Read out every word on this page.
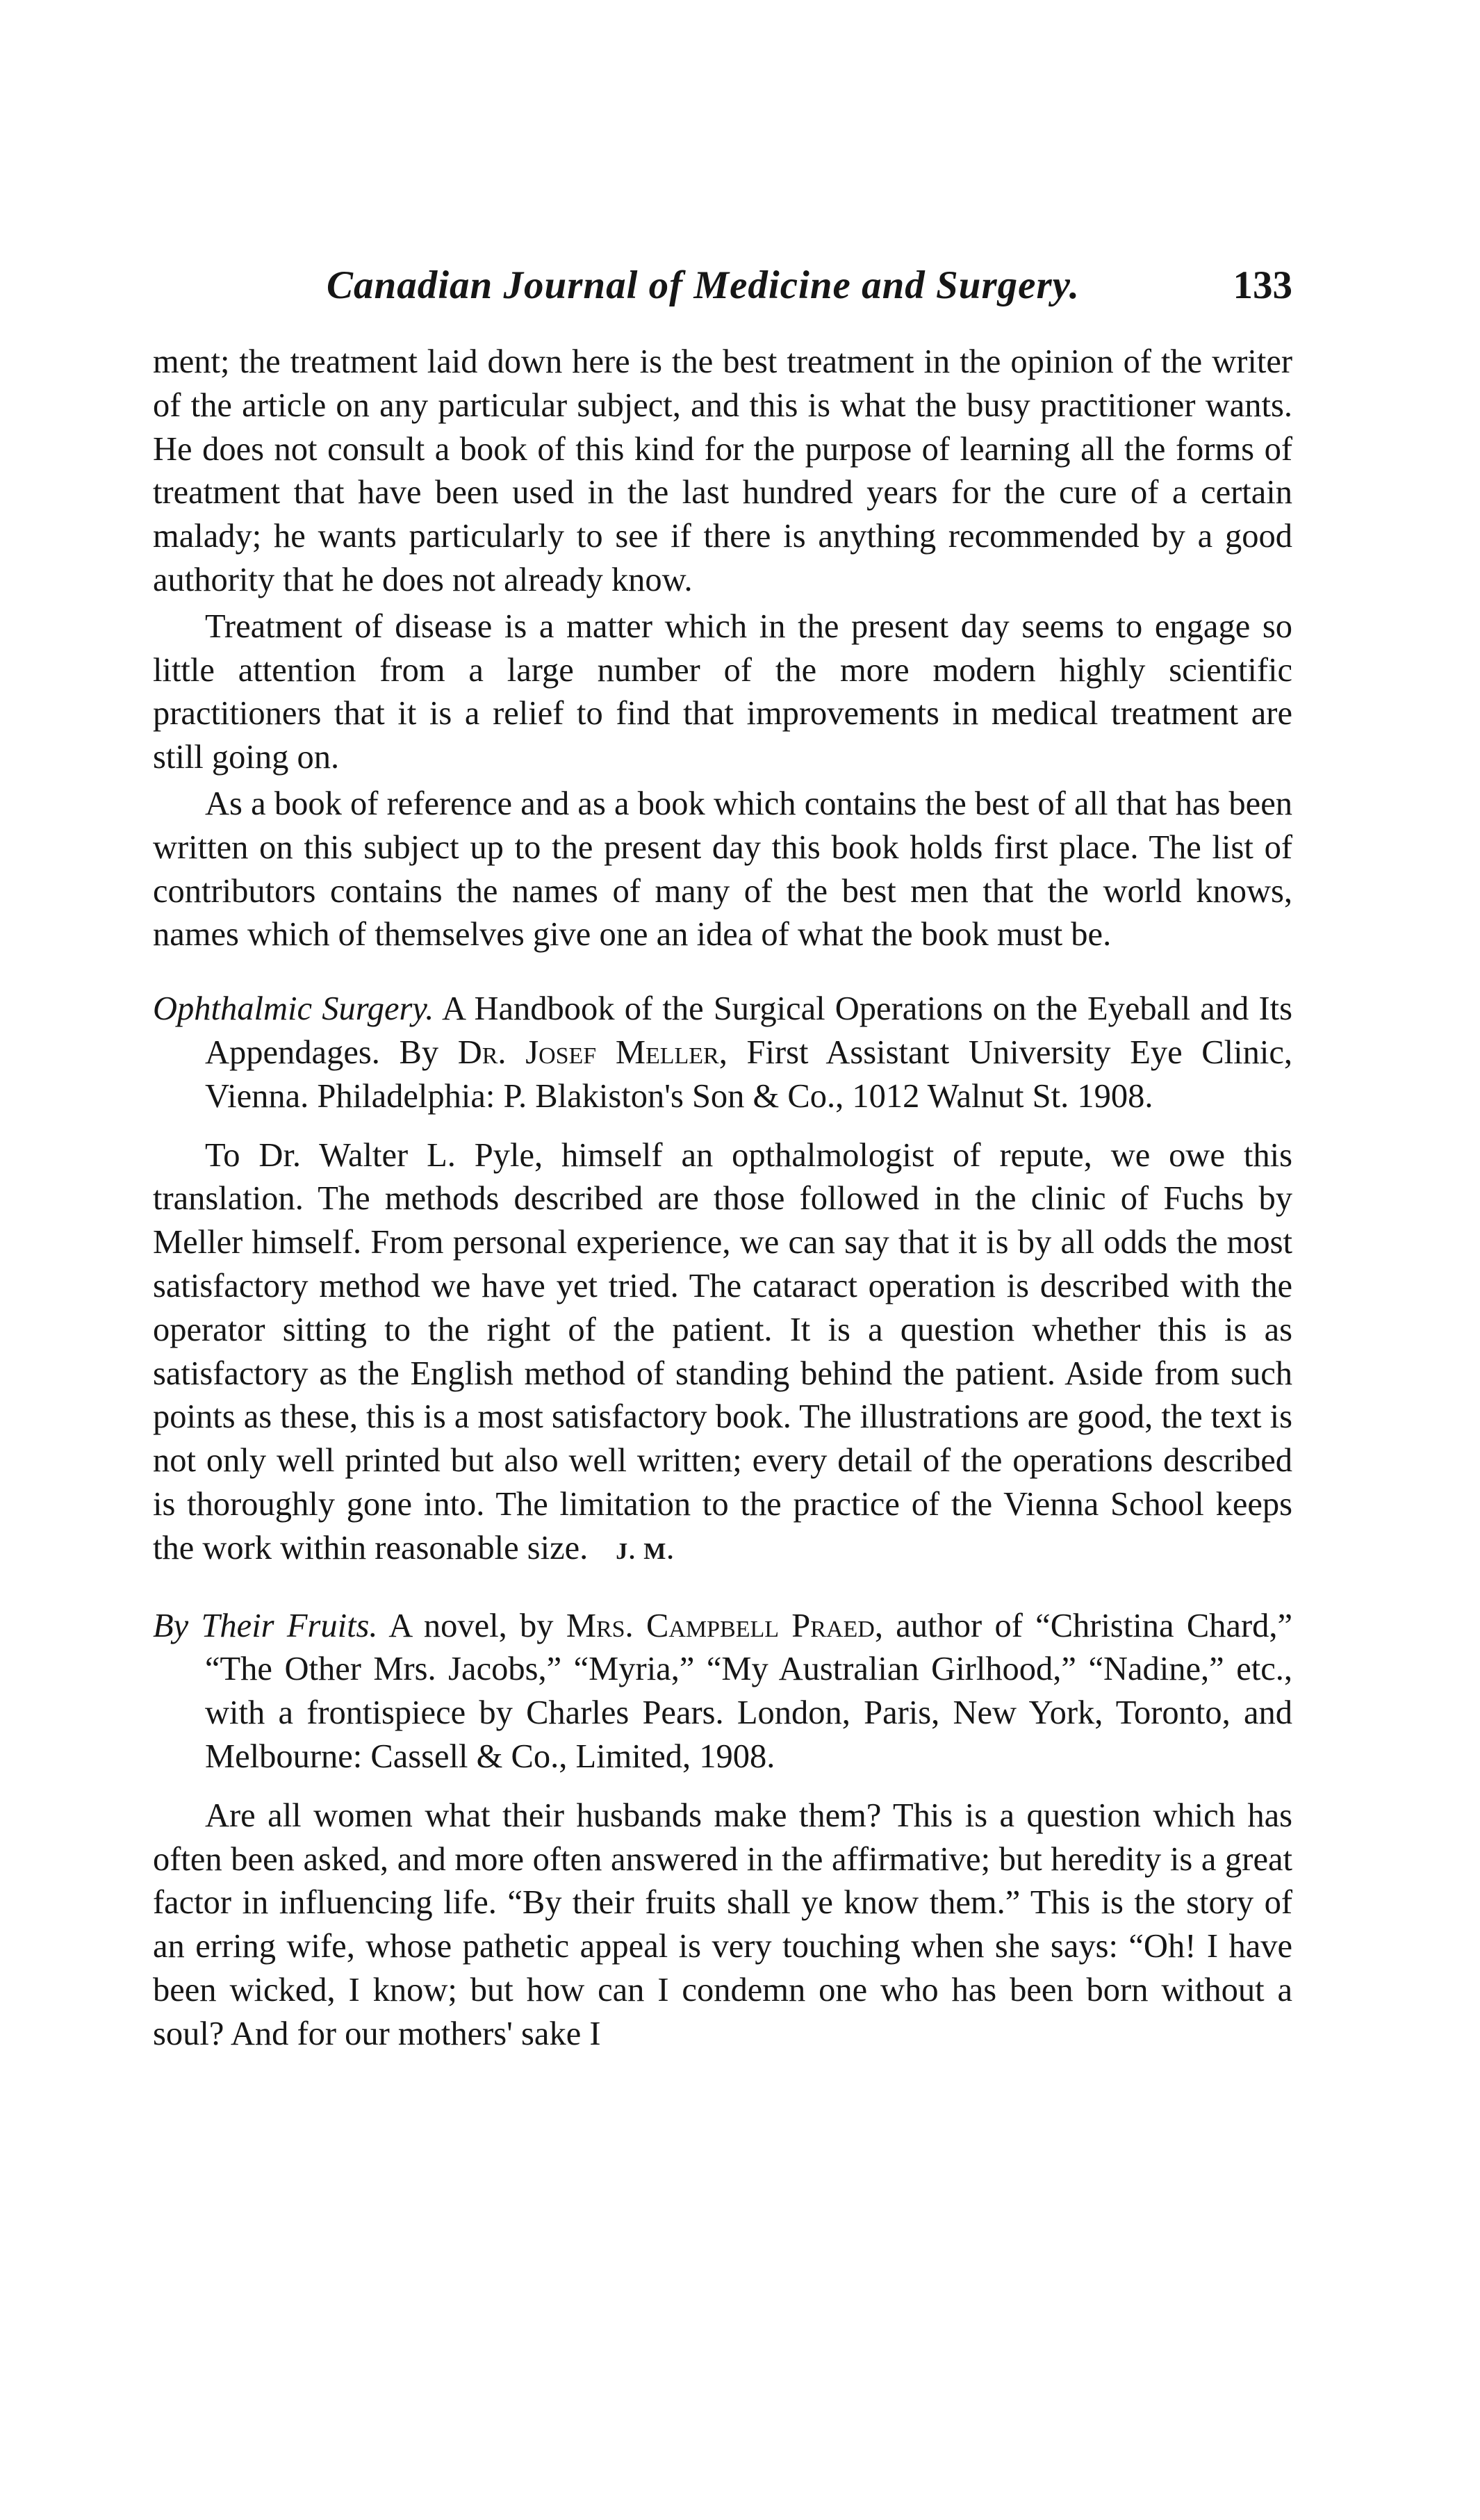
Canadian Journal of Medicine and Surgery.	133

ment; the treatment laid down here is the best treatment in the opinion of the writer of the article on any particular subject, and this is what the busy practitioner wants. He does not consult a book of this kind for the purpose of learning all the forms of treatment that have been used in the last hundred years for the cure of a certain malady; he wants particularly to see if there is anything recommended by a good authority that he does not already know.

Treatment of disease is a matter which in the present day seems to engage so little attention from a large number of the more modern highly scientific practitioners that it is a relief to find that improvements in medical treatment are still going on.

As a book of reference and as a book which contains the best of all that has been written on this subject up to the present day this book holds first place. The list of contributors contains the names of many of the best men that the world knows, names which of themselves give one an idea of what the book must be.

Ophthalmic Surgery. A Handbook of the Surgical Operations on the Eyeball and Its Appendages. By Dr. Josef Meller, First Assistant University Eye Clinic, Vienna. Philadelphia: P. Blakiston's Son & Co., 1012 Walnut St. 1908.

To Dr. Walter L. Pyle, himself an opthalmologist of repute, we owe this translation. The methods described are those followed in the clinic of Fuchs by Meller himself. From personal experience, we can say that it is by all odds the most satisfactory method we have yet tried. The cataract operation is described with the operator sitting to the right of the patient. It is a question whether this is as satisfactory as the English method of standing behind the patient. Aside from such points as these, this is a most satisfactory book. The illustrations are good, the text is not only well printed but also well written; every detail of the operations described is thoroughly gone into. The limitation to the practice of the Vienna School keeps the work within reasonable size. J. M.

By Their Fruits. A novel, by Mrs. Campbell Praed, author of “Christina Chard,” “The Other Mrs. Jacobs,” “Myria,” “My Australian Girlhood,” “Nadine,” etc., with a frontispiece by Charles Pears. London, Paris, New York, Toronto, and Melbourne: Cassell & Co., Limited, 1908.

Are all women what their husbands make them? This is a question which has often been asked, and more often answered in the affirmative; but heredity is a great factor in influencing life. “By their fruits shall ye know them.” This is the story of an erring wife, whose pathetic appeal is very touching when she says: “Oh! I have been wicked, I know; but how can I condemn one who has been born without a soul? And for our mothers' sake I
